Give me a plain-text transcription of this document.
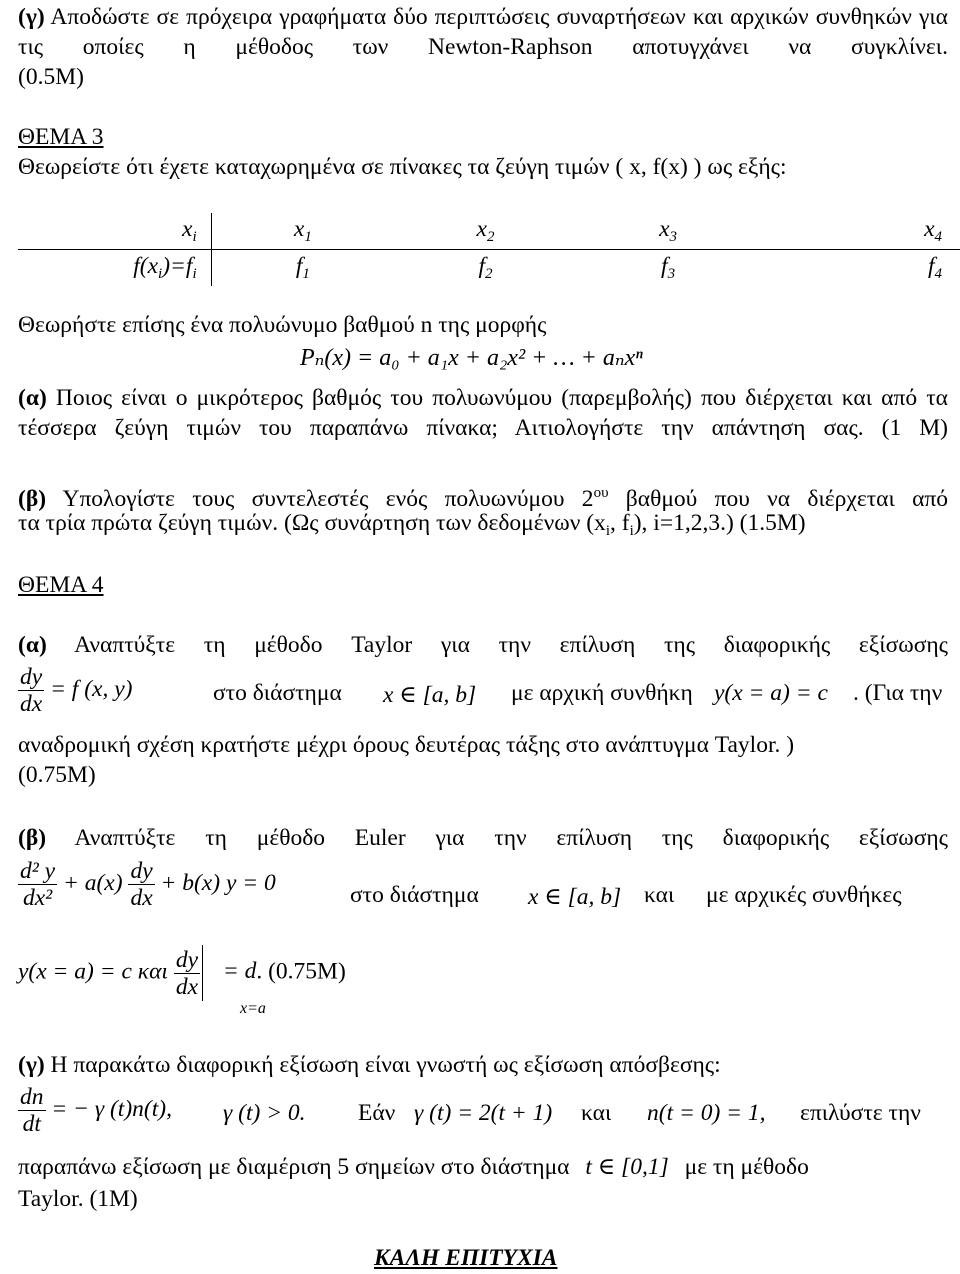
(γ) Αποδώστε σε πρόχειρα γραφήματα δύο περιπτώσεις συναρτήσεων και αρχικών συνθηκών για τις οποίες η μέθοδος των Newton-Raphson αποτυγχάνει να συγκλίνει.
(0.5Μ)
ΘΕΜΑ 3
Θεωρείστε ότι έχετε καταχωρημένα σε πίνακες τα ζεύγη τιμών ( x, f(x) ) ως εξής:
$x_i$	$x_1$	$x_2$	$x_3$	$x_4$
$f(x_i)=f_i$	$f_1$	$f_2$	$f_3$	$f_4$
Θεωρήστε επίσης ένα πολυώνυμο βαθμού n της μορφής
Pₙ(x) = a₀ + a₁x + a₂x² + … + aₙxⁿ
(α) Ποιος είναι ο μικρότερος βαθμός του πολυωνύμου (παρεμβολής) που διέρχεται και από τα τέσσερα ζεύγη τιμών του παραπάνω πίνακα; Αιτιολογήστε την απάντηση σας. (1 Μ)
(β) Υπολογίστε τους συντελεστές ενός πολυωνύμου $2^{o\upsilon}$ βαθμού που να διέρχεται από
τα τρία πρώτα ζεύγη τιμών. (Ως συνάρτηση των δεδομένων ($x_i$, $f_i$), i=1,2,3.) (1.5Μ)
ΘΕΜΑ 4
(α) Αναπτύξτε τη μέθοδο Taylor για την επίλυση της διαφορικής εξίσωσης
$\frac{dy}{dx} = f$ (x, y)	στο διάστημα x ∈ [a, b] με αρχική συνθήκη y(x = a) = c . (Για την
αναδρομική σχέση κρατήστε μέχρι όρους δευτέρας τάξης στο ανάπτυγμα Taylor. )
(0.75Μ)
(β) Αναπτύξτε τη μέθοδο Euler για την επίλυση της διαφορικής εξίσωσης
$\frac{\text{d² y}}{\text{dx²}} + a(x) \frac{dy}{dx} + b(x) y = 0$	στο διάστημα x ∈ [a, b] και με αρχικές συνθήκες
y(x = a) = c και $\frac{dy}{dx} = d$. (0.75Μ)
x=a
(γ) Η παρακάτω διαφορική εξίσωση είναι γνωστή ως εξίσωση απόσβεσης:
$\frac{dn}{dt}$ = − γ (t)n(t), γ (t) > 0. Εάν γ (t) = 2(t + 1) και n(t = 0) = 1, επιλύστε την
παραπάνω εξίσωση με διαμέριση 5 σημείων στο διάστημα t ∈ [0,1] με τη μέθοδο
Taylor. (1Μ)
ΚΑΛΗ ΕΠΙΤΥΧΙΑ
